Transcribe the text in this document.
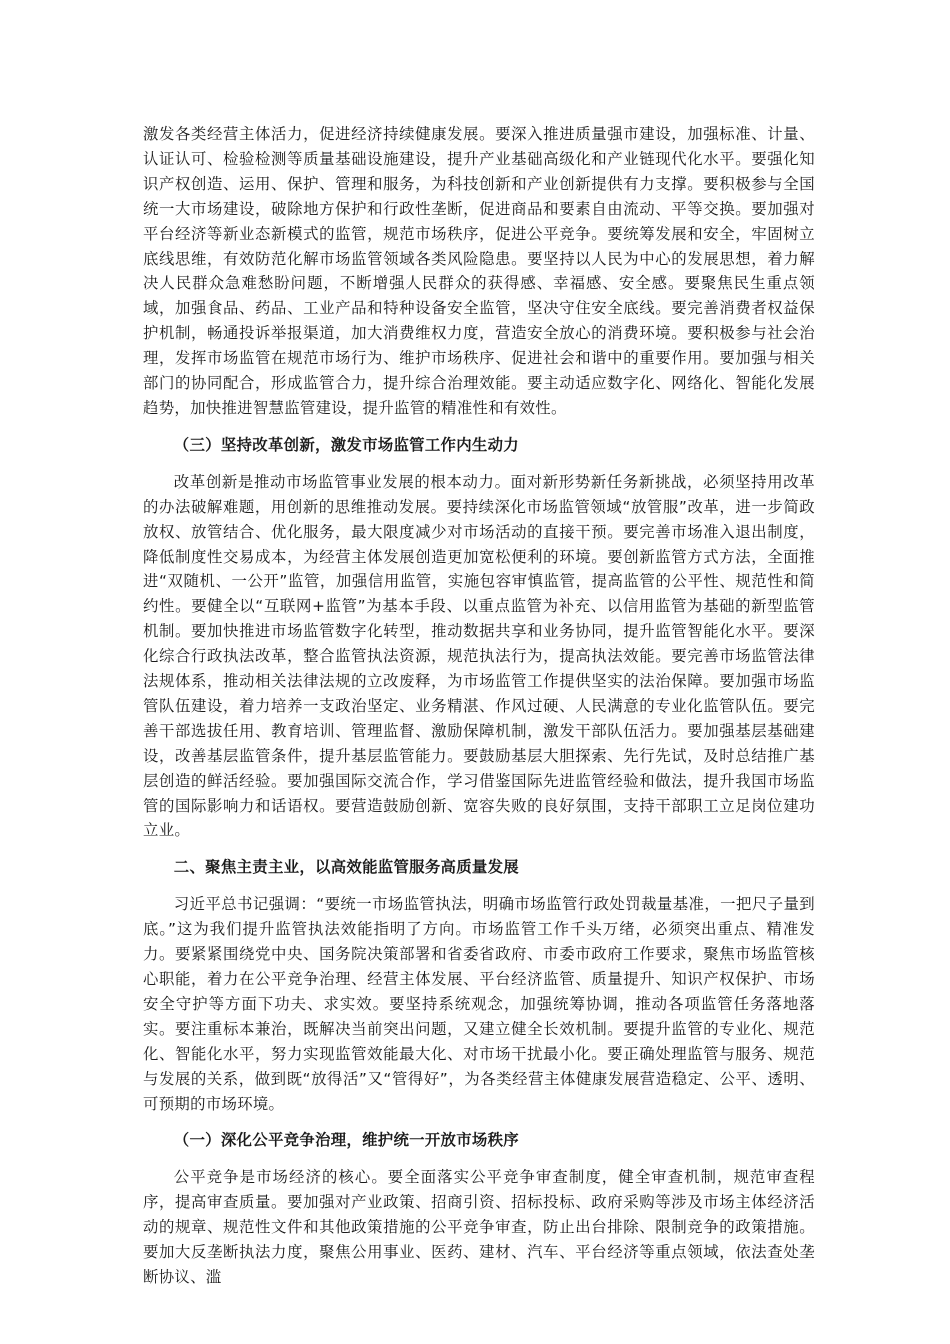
激发各类经营主体活力，促进经济持续健康发展。要深入推进质量强市建设，加强标准、计量、认证认可、检验检测等质量基础设施建设，提升产业基础高级化和产业链现代化水平。要强化知识产权创造、运用、保护、管理和服务，为科技创新和产业创新提供有力支撑。要积极参与全国统一大市场建设，破除地方保护和行政性垄断，促进商品和要素自由流动、平等交换。要加强对平台经济等新业态新模式的监管，规范市场秩序，促进公平竞争。要统筹发展和安全，牢固树立底线思维，有效防范化解市场监管领域各类风险隐患。要坚持以人民为中心的发展思想，着力解决人民群众急难愁盼问题，不断增强人民群众的获得感、幸福感、安全感。要聚焦民生重点领域，加强食品、药品、工业产品和特种设备安全监管，坚决守住安全底线。要完善消费者权益保护机制，畅通投诉举报渠道，加大消费维权力度，营造安全放心的消费环境。要积极参与社会治理，发挥市场监管在规范市场行为、维护市场秩序、促进社会和谐中的重要作用。要加强与相关部门的协同配合，形成监管合力，提升综合治理效能。要主动适应数字化、网络化、智能化发展趋势，加快推进智慧监管建设，提升监管的精准性和有效性。

（三）坚持改革创新，激发市场监管工作内生动力

改革创新是推动市场监管事业发展的根本动力。面对新形势新任务新挑战，必须坚持用改革的办法破解难题，用创新的思维推动发展。要持续深化市场监管领域“放管服”改革，进一步简政放权、放管结合、优化服务，最大限度减少对市场活动的直接干预。要完善市场准入退出制度，降低制度性交易成本，为经营主体发展创造更加宽松便利的环境。要创新监管方式方法，全面推进“双随机、一公开”监管，加强信用监管，实施包容审慎监管，提高监管的公平性、规范性和简约性。要健全以“互联网+监管”为基本手段、以重点监管为补充、以信用监管为基础的新型监管机制。要加快推进市场监管数字化转型，推动数据共享和业务协同，提升监管智能化水平。要深化综合行政执法改革，整合监管执法资源，规范执法行为，提高执法效能。要完善市场监管法律法规体系，推动相关法律法规的立改废释，为市场监管工作提供坚实的法治保障。要加强市场监管队伍建设，着力培养一支政治坚定、业务精湛、作风过硬、人民满意的专业化监管队伍。要完善干部选拔任用、教育培训、管理监督、激励保障机制，激发干部队伍活力。要加强基层基础建设，改善基层监管条件，提升基层监管能力。要鼓励基层大胆探索、先行先试，及时总结推广基层创造的鲜活经验。要加强国际交流合作，学习借鉴国际先进监管经验和做法，提升我国市场监管的国际影响力和话语权。要营造鼓励创新、宽容失败的良好氛围，支持干部职工立足岗位建功立业。

二、聚焦主责主业，以高效能监管服务高质量发展

习近平总书记强调：“要统一市场监管执法，明确市场监管行政处罚裁量基准，一把尺子量到底。”这为我们提升监管执法效能指明了方向。市场监管工作千头万绪，必须突出重点、精准发力。要紧紧围绕党中央、国务院决策部署和省委省政府、市委市政府工作要求，聚焦市场监管核心职能，着力在公平竞争治理、经营主体发展、平台经济监管、质量提升、知识产权保护、市场安全守护等方面下功夫、求实效。要坚持系统观念，加强统筹协调，推动各项监管任务落地落实。要注重标本兼治，既解决当前突出问题，又建立健全长效机制。要提升监管的专业化、规范化、智能化水平，努力实现监管效能最大化、对市场干扰最小化。要正确处理监管与服务、规范与发展的关系，做到既“放得活”又“管得好”，为各类经营主体健康发展营造稳定、公平、透明、可预期的市场环境。

（一）深化公平竞争治理，维护统一开放市场秩序

公平竞争是市场经济的核心。要全面落实公平竞争审查制度，健全审查机制，规范审查程序，提高审查质量。要加强对产业政策、招商引资、招标投标、政府采购等涉及市场主体经济活动的规章、规范性文件和其他政策措施的公平竞争审查，防止出台排除、限制竞争的政策措施。要加大反垄断执法力度，聚焦公用事业、医药、建材、汽车、平台经济等重点领域，依法查处垄断协议、滥
